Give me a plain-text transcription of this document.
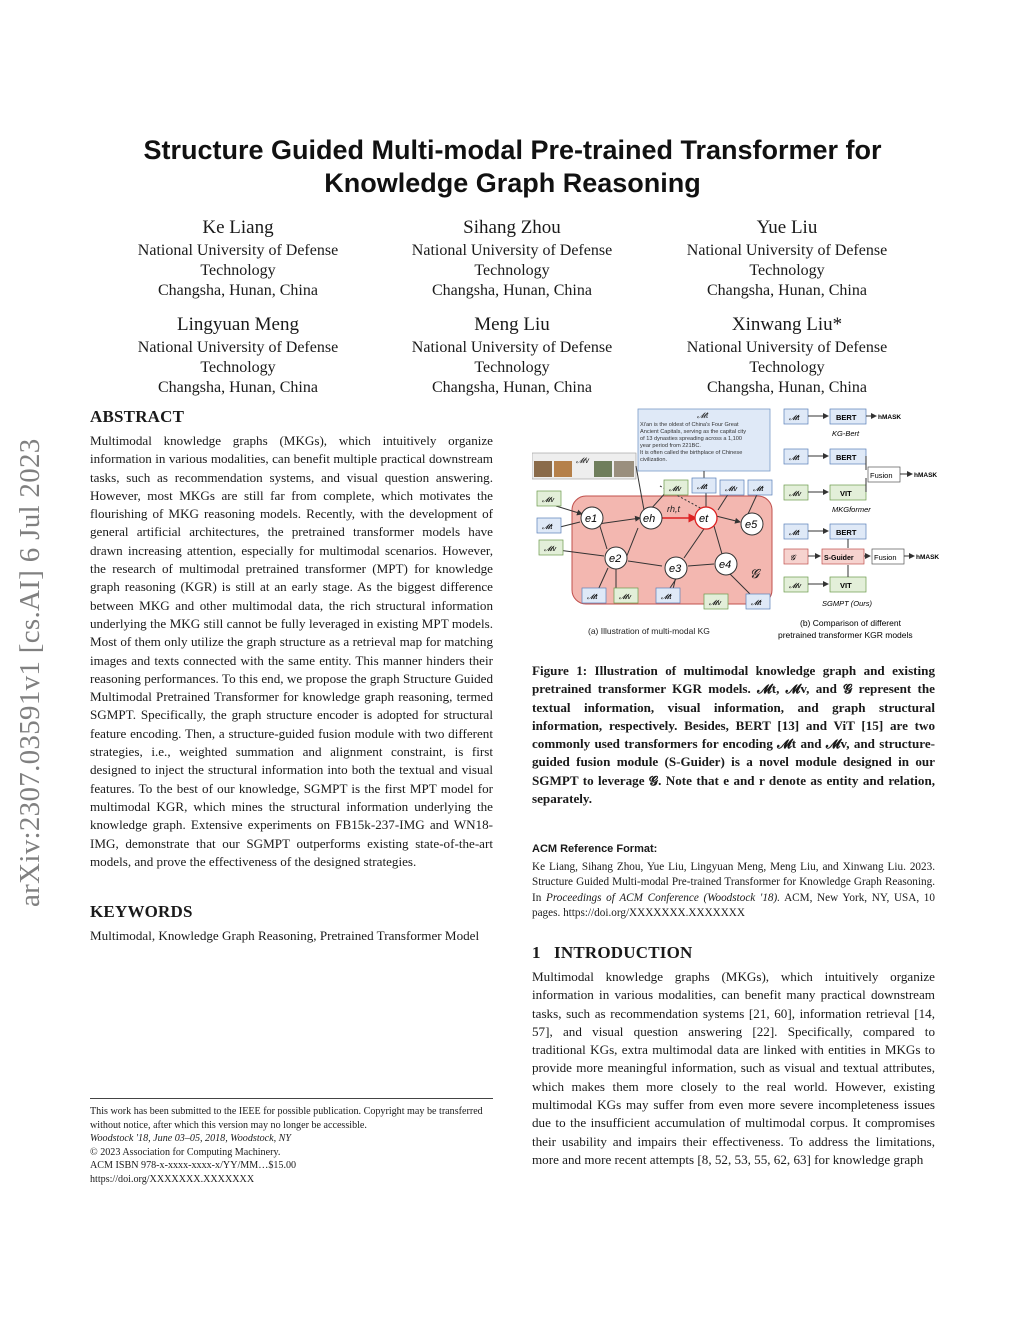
arXiv:2307.03591v1 [cs.AI] 6 Jul 2023
Structure Guided Multi-modal Pre-trained Transformer for
Knowledge Graph Reasoning
Ke Liang
National University of Defense
Technology
Changsha, Hunan, China
Sihang Zhou
National University of Defense
Technology
Changsha, Hunan, China
Yue Liu
National University of Defense
Technology
Changsha, Hunan, China
Lingyuan Meng
National University of Defense
Technology
Changsha, Hunan, China
Meng Liu
National University of Defense
Technology
Changsha, Hunan, China
Xinwang Liu*
National University of Defense
Technology
Changsha, Hunan, China
ABSTRACT

Multimodal knowledge graphs (MKGs), which intuitively organize information in various modalities, can benefit multiple practical downstream tasks, such as recommendation systems, and visual question answering. However, most MKGs are still far from complete, which motivates the flourishing of MKG reasoning models. Recently, with the development of general artificial architectures, the pretrained transformer models have drawn increasing attention, especially for multimodal scenarios. However, the research of multimodal pretrained transformer (MPT) for knowledge graph reasoning (KGR) is still at an early stage. As the biggest difference between MKG and other multimodal data, the rich structural information underlying the MKG still cannot be fully leveraged in existing MPT models. Most of them only utilize the graph structure as a retrieval map for matching images and texts connected with the same entity. This manner hinders their reasoning performances. To this end, we propose the graph Structure Guided Multimodal Pretrained Transformer for knowledge graph reasoning, termed SGMPT. Specifically, the graph structure encoder is adopted for structural feature encoding. Then, a structure-guided fusion module with two different strategies, i.e., weighted summation and alignment constraint, is first designed to inject the structural information into both the textual and visual features. To the best of our knowledge, SGMPT is the first MPT model for multimodal KGR, which mines the structural information underlying the knowledge graph. Extensive experiments on FB15k-237-IMG and WN18-IMG, demonstrate that our SGMPT outperforms existing state-of-the-art models, and prove the effectiveness of the designed strategies.

KEYWORDS

Multimodal, Knowledge Graph Reasoning, Pretrained Transformer Model

This work has been submitted to the IEEE for possible publication. Copyright may be transferred without notice, after which this version may no longer be accessible.
Woodstock '18, June 03–05, 2018, Woodstock, NY
© 2023 Association for Computing Machinery.
ACM ISBN 978-x-xxxx-xxxx-x/YY/MM…$15.00
https://doi.org/XXXXXXX.XXXXXXX
𝓖
𝓜t
Xi'an is the oldest of China's Four Great Ancient Capitals, serving as the capital city of 13 dynasties spreading across a 1,100 year period from 221BC. It is often called the birthplace of Chinese civilization.
𝓜v
e1	eh	et	e5
e2
e3	e4
rh,t
𝓜v
𝓜t
𝓜v
𝓜v 𝓜t 𝓜v 𝓜t
𝓜t	𝓜v	𝓜t
𝓜v	𝓜t
(a) Illustration of multi-modal KG
𝓜t	BERT	hMASK
KG-Bert
𝓜t	BERT
𝓜v	VIT
Fusion	hMASK
MKGformer
𝓜t	BERT
𝓖	S-Guider
𝓜v	VIT
Fusion	hMASK
SGMPT (Ours)
(b) Comparison of different
pretrained transformer KGR models
Figure 1: Illustration of multimodal knowledge graph and existing pretrained transformer KGR models. 𝓜t, 𝓜v, and 𝓖 represent the textual information, visual information, and graph structural information, respectively. Besides, BERT [13] and ViT [15] are two commonly used transformers for encoding 𝓜t and 𝓜v, and structure-guided fusion module (S-Guider) is a novel module designed in our SGMPT to leverage 𝓖. Note that e and r denote as entity and relation, separately.
ACM Reference Format:
Ke Liang, Sihang Zhou, Yue Liu, Lingyuan Meng, Meng Liu, and Xinwang Liu. 2023. Structure Guided Multi-modal Pre-trained Transformer for Knowledge Graph Reasoning. In Proceedings of ACM Conference (Woodstock '18). ACM, New York, NY, USA, 10 pages. https://doi.org/XXXXXXX.XXXXXXX
1   INTRODUCTION

Multimodal knowledge graphs (MKGs), which intuitively organize information in various modalities, can benefit many practical downstream tasks, such as recommendation systems [21, 60], information retrieval [14, 57], and visual question answering [22]. Specifically, compared to traditional KGs, extra multimodal data are linked with entities in MKGs to provide more meaningful information, such as visual and textual attributes, which makes them more closely to the real world. However, existing multimodal KGs may suffer from even more severe incompleteness issues due to the insufficient accumulation of multimodal corpus. It compromises their usability and impairs their effectiveness. To address the limitations, more and more recent attempts [8, 52, 53, 55, 62, 63] for knowledge graph
